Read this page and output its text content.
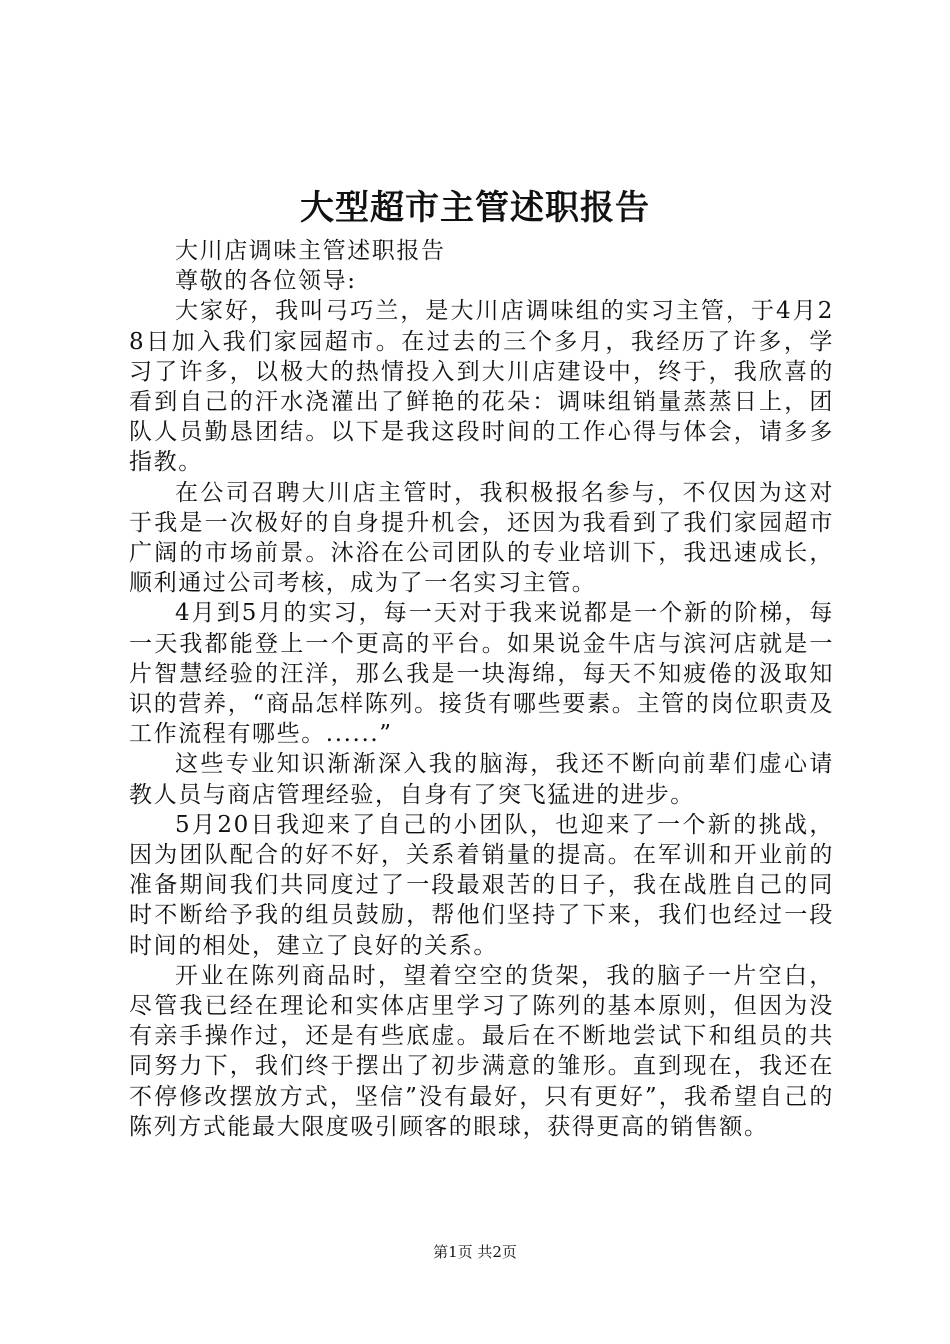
大型超市主管述职报告

大川店调味主管述职报告

尊敬的各位领导:

大家好，我叫弓巧兰，是大川店调味组的实习主管，于4月28日加入我们家园超市。在过去的三个多月，我经历了许多，学习了许多，以极大的热情投入到大川店建设中，终于，我欣喜的看到自己的汗水浇灌出了鲜艳的花朵：调味组销量蒸蒸日上，团队人员勤恳团结。以下是我这段时间的工作心得与体会，请多多指教。

在公司召聘大川店主管时，我积极报名参与，不仅因为这对于我是一次极好的自身提升机会，还因为我看到了我们家园超市广阔的市场前景。沐浴在公司团队的专业培训下，我迅速成长，顺利通过公司考核，成为了一名实习主管。

4月到5月的实习，每一天对于我来说都是一个新的阶梯，每一天我都能登上一个更高的平台。如果说金牛店与滨河店就是一片智慧经验的汪洋，那么我是一块海绵，每天不知疲倦的汲取知识的营养，“商品怎样陈列。接货有哪些要素。主管的岗位职责及工作流程有哪些。......”

这些专业知识渐渐深入我的脑海，我还不断向前辈们虚心请教人员与商店管理经验，自身有了突飞猛进的进步。

5月20日我迎来了自己的小团队，也迎来了一个新的挑战，因为团队配合的好不好，关系着销量的提高。在军训和开业前的准备期间我们共同度过了一段最艰苦的日子，我在战胜自己的同时不断给予我的组员鼓励，帮他们坚持了下来，我们也经过一段时间的相处，建立了良好的关系。

开业在陈列商品时，望着空空的货架，我的脑子一片空白，尽管我已经在理论和实体店里学习了陈列的基本原则，但因为没有亲手操作过，还是有些底虚。最后在不断地尝试下和组员的共同努力下，我们终于摆出了初步满意的雏形。直到现在，我还在不停修改摆放方式，坚信”没有最好，只有更好”，我希望自己的陈列方式能最大限度吸引顾客的眼球，获得更高的销售额。

第1页 共2页
